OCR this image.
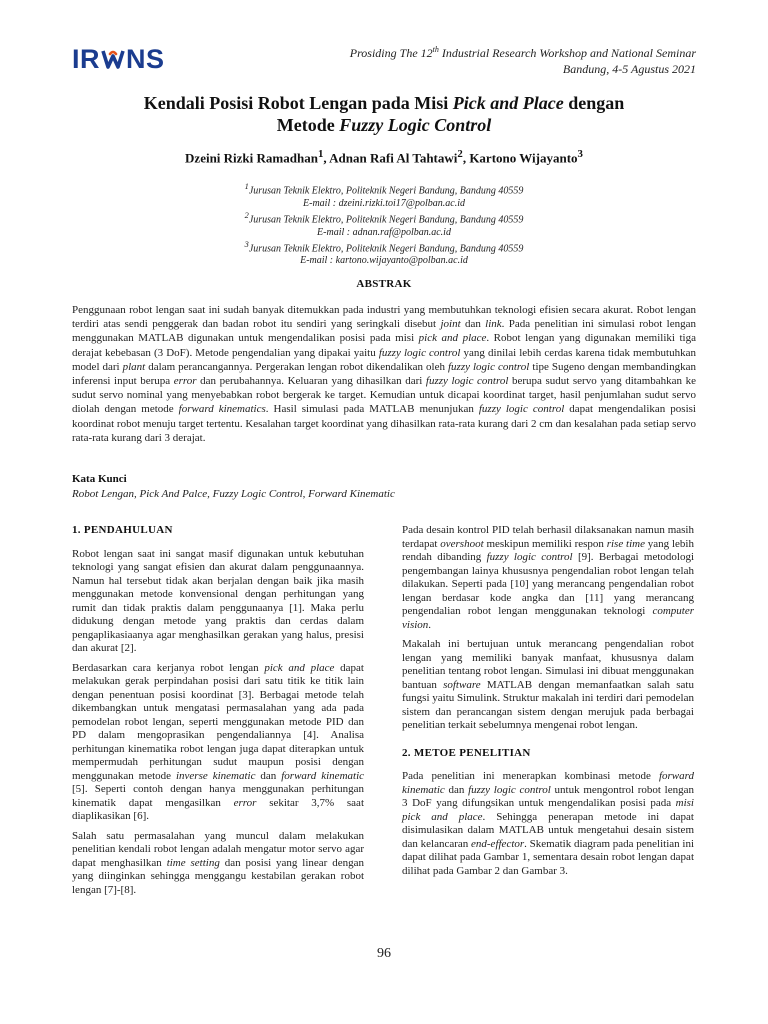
IR NS	Prosiding The 12th Industrial Research Workshop and National Seminar
Bandung, 4-5 Agustus 2021
Kendali Posisi Robot Lengan pada Misi Pick and Place dengan
Metode Fuzzy Logic Control
Dzeini Rizki Ramadhan$^1$, Adnan Rafi Al Tahtawi$^2$, Kartono Wijayanto$^3$
$^1$Jurusan Teknik Elektro, Politeknik Negeri Bandung, Bandung 40559
E-mail : dzeini.rizki.toi17@polban.ac.id
$^2$Jurusan Teknik Elektro, Politeknik Negeri Bandung, Bandung 40559
E-mail : adnan.raf@polban.ac.id
$^3$Jurusan Teknik Elektro, Politeknik Negeri Bandung, Bandung 40559
E-mail : kartono.wijayanto@polban.ac.id
ABSTRAK
Penggunaan robot lengan saat ini sudah banyak ditemukkan pada industri yang membutuhkan teknologi efisien secara akurat. Robot lengan terdiri atas sendi penggerak dan badan robot itu sendiri yang seringkali disebut joint dan link. Pada penelitian ini simulasi robot lengan menggunakan MATLAB digunakan untuk mengendalikan posisi pada misi pick and place. Robot lengan yang digunakan memiliki tiga derajat kebebasan (3 DoF). Metode pengendalian yang dipakai yaitu fuzzy logic control yang dinilai lebih cerdas karena tidak membutuhkan model dari plant dalam perancangannya. Pergerakan lengan robot dikendalikan oleh fuzzy logic control tipe Sugeno dengan membandingkan inferensi input berupa error dan perubahannya. Keluaran yang dihasilkan dari fuzzy logic control berupa sudut servo yang ditambahkan ke sudut servo nominal yang menyebabkan robot bergerak ke target. Kemudian untuk dicapai koordinat target, hasil penjumlahan sudut servo diolah dengan metode forward kinematics. Hasil simulasi pada MATLAB menunjukan fuzzy logic control dapat mengendalikan posisi koordinat robot menuju target tertentu. Kesalahan target koordinat yang dihasilkan rata-rata kurang dari 2 cm dan kesalahan pada setiap servo rata-rata kurang dari 3 derajat.
Kata Kunci
Robot Lengan, Pick And Palce, Fuzzy Logic Control, Forward Kinematic
1. PENDAHULUAN

Robot lengan saat ini sangat masif digunakan untuk kebutuhan teknologi yang sangat efisien dan akurat dalam penggunaannya. Namun hal tersebut tidak akan berjalan dengan baik jika masih menggunakan metode konvensional dengan perhitungan yang rumit dan tidak praktis dalam penggunaanya [1]. Maka perlu didukung dengan metode yang praktis dan cerdas dalam pengaplikasiaanya agar menghasilkan gerakan yang halus, presisi dan akurat [2].

Berdasarkan cara kerjanya robot lengan pick and place dapat melakukan gerak perpindahan posisi dari satu titik ke titik lain dengan penentuan posisi koordinat [3]. Berbagai metode telah dikembangkan untuk mengatasi permasalahan yang ada pada pemodelan robot lengan, seperti menggunakan metode PID dan PD dalam mengoprasikan pengendaliannya [4]. Analisa perhitungan kinematika robot lengan juga dapat diterapkan untuk mempermudah perhitungan sudut maupun posisi dengan menggunakan metode inverse kinematic dan forward kinematic [5]. Seperti contoh dengan hanya menggunakan perhitungan kinematik dapat mengasilkan error sekitar 3,7% saat diaplikasikan [6].

Salah satu permasalahan yang muncul dalam melakukan penelitian kendali robot lengan adalah mengatur motor servo agar dapat menghasilkan time setting dan posisi yang linear dengan yang diinginkan sehingga menggangu kestabilan gerakan robot lengan [7]-[8].

Pada desain kontrol PID telah berhasil dilaksanakan namun masih terdapat overshoot meskipun memiliki respon rise time yang lebih rendah dibanding fuzzy logic control [9]. Berbagai metodologi pengembangan lainya khususnya pengendalian robot lengan telah dilakukan. Seperti pada [10] yang merancang pengendalian robot lengan berdasar kode angka dan [11] yang merancang pengendalian robot lengan menggunakan teknologi computer vision.

Makalah ini bertujuan untuk merancang pengendalian robot lengan yang memiliki banyak manfaat, khususnya dalam penelitian tentang robot lengan. Simulasi ini dibuat menggunakan bantuan software MATLAB dengan memanfaatkan salah satu fungsi yaitu Simulink. Struktur makalah ini terdiri dari pemodelan sistem dan perancangan sistem dengan merujuk pada berbagai penelitian terkait sebelumnya mengenai robot lengan.

2. METOE PENELITIAN

Pada penelitian ini menerapkan kombinasi metode forward kinematic dan fuzzy logic control untuk mengontrol robot lengan 3 DoF yang difungsikan untuk mengendalikan posisi pada misi pick and place. Sehingga penerapan metode ini dapat disimulasikan dalam MATLAB untuk mengetahui desain sistem dan kelancaran end-effector. Skematik diagram pada penelitian ini dapat dilihat pada Gambar 1, sementara desain robot lengan dapat dilihat pada Gambar 2 dan Gambar 3.

96
